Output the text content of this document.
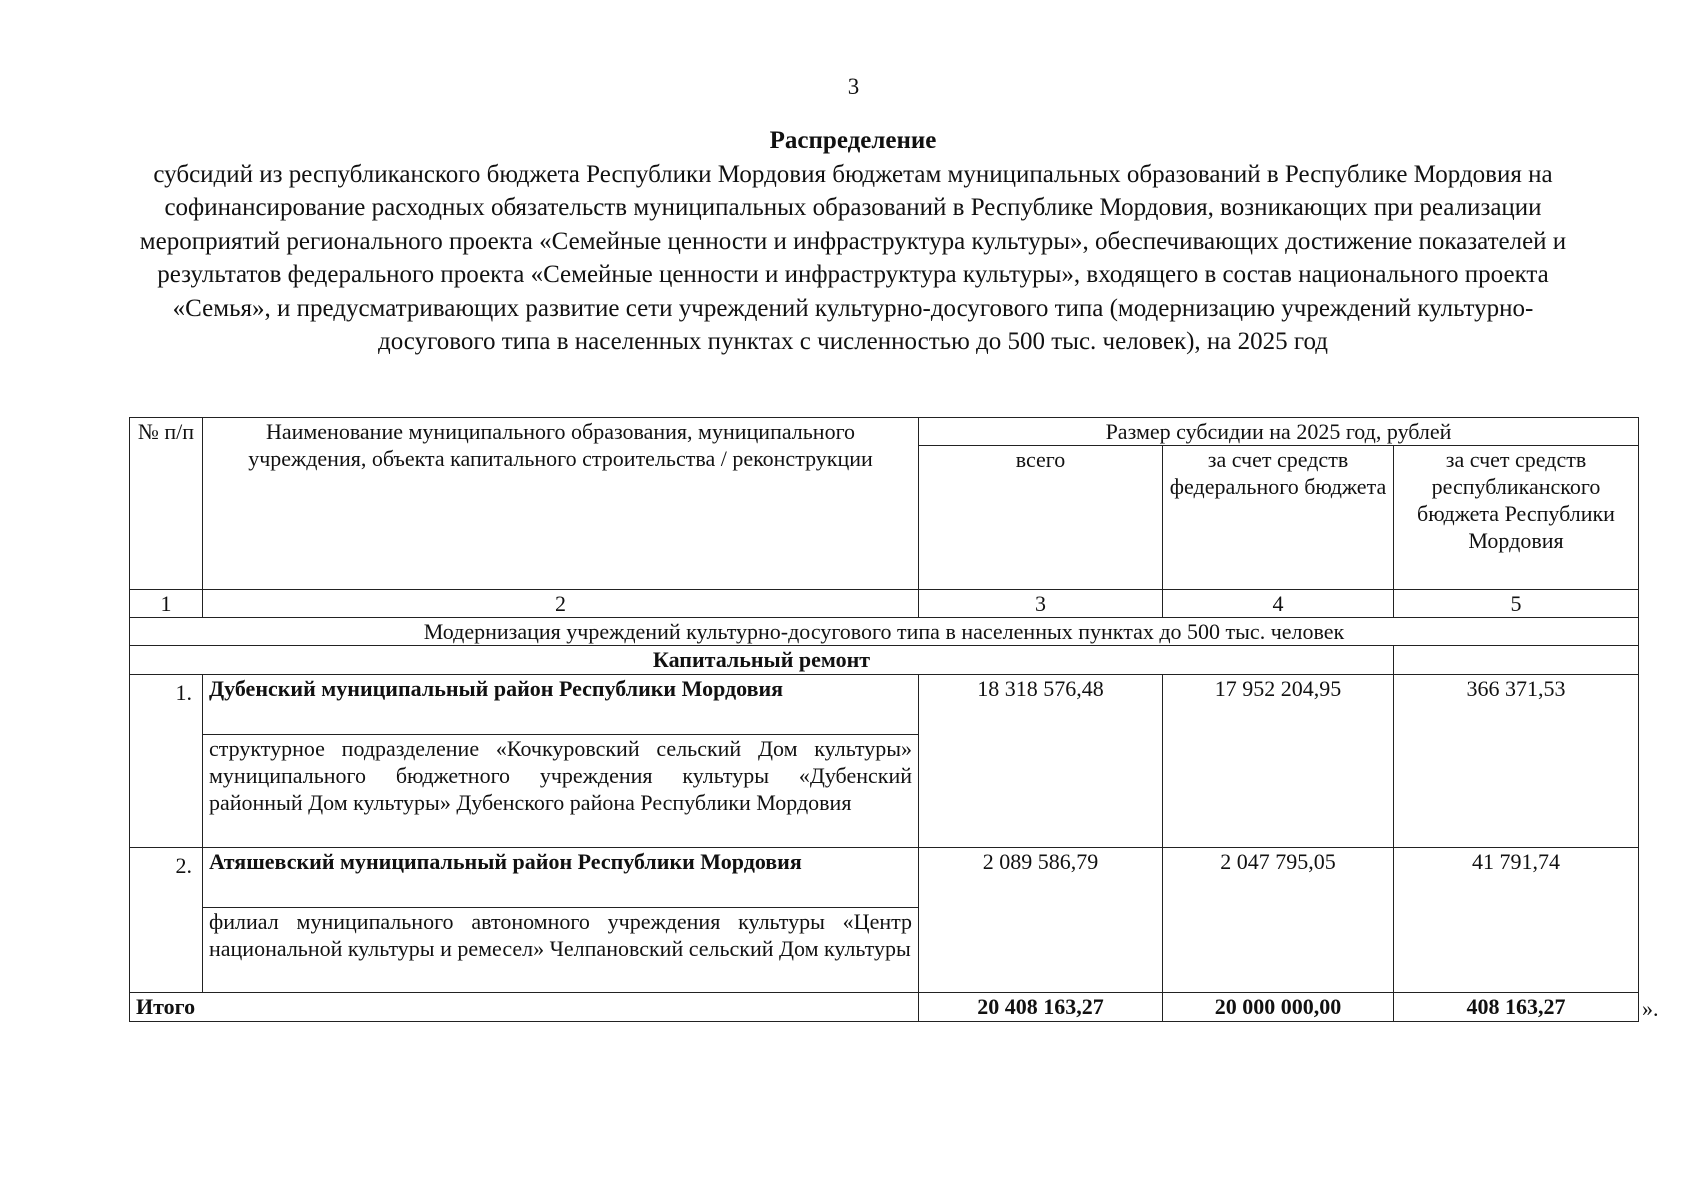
3
Распределение
субсидий из республиканского бюджета Республики Мордовия бюджетам муниципальных образований в Республике Мордовия на софинансирование расходных обязательств муниципальных образований в Республике Мордовия, возникающих при реализации мероприятий регионального проекта «Семейные ценности и инфраструктура культуры», обеспечивающих достижение показателей и результатов федерального проекта «Семейные ценности и инфраструктура культуры», входящего в состав национального проекта «Семья», и предусматривающих развитие сети учреждений культурно-досугового типа (модернизацию учреждений культурно-досугового типа в населенных пунктах с численностью до 500 тыс. человек), на 2025 год
№ п/п	Наименование муниципального образования, муниципального учреждения, объекта капитального строительства / реконструкции	Размер субсидии на 2025 год, рублей		
		всего	за счет средств федерального бюджета	за счет средств республиканского бюджета Республики Мордовия
1	2	3	4	5
Модернизация учреждений культурно-досугового типа в населенных пунктах до 500 тыс. человек				
Капитальный ремонт				
1.	Дубенский муниципальный район Республики Мордовия	18 318 576,48	17 952 204,95	366 371,53
	структурное подразделение «Кочкуровский сельский Дом культуры» муниципального бюджетного учреждения культуры «Дубенский районный Дом культуры» Дубенского района Республики Мордовия			
2.	Атяшевский муниципальный район Республики Мордовия	2 089 586,79	2 047 795,05	41 791,74
	филиал муниципального автономного учреждения культуры «Центр национальной культуры и ремесел» Челпановский сельский Дом культуры			
Итого		20 408 163,27	20 000 000,00	408 163,27	».
